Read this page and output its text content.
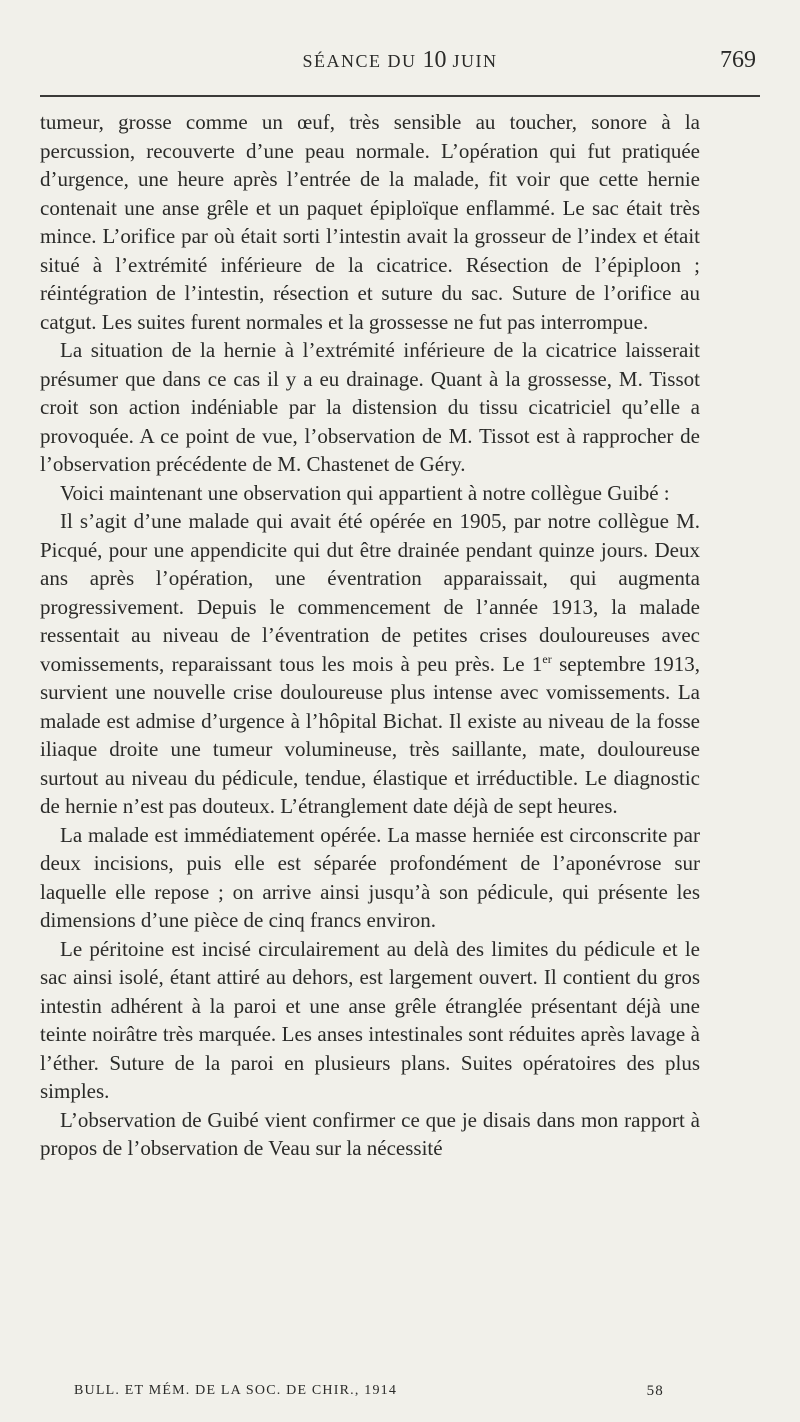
SÉANCE DU 10 JUIN	769

tumeur, grosse comme un œuf, très sensible au toucher, sonore à la percussion, recouverte d’une peau normale. L’opération qui fut pratiquée d’urgence, une heure après l’entrée de la malade, fit voir que cette hernie contenait une anse grêle et un paquet épiploïque enflammé. Le sac était très mince. L’orifice par où était sorti l’intestin avait la grosseur de l’index et était situé à l’extrémité inférieure de la cicatrice. Résection de l’épiploon ; réintégration de l’intestin, résection et suture du sac. Suture de l’orifice au catgut. Les suites furent normales et la grossesse ne fut pas interrompue.

La situation de la hernie à l’extrémité inférieure de la cicatrice laisserait présumer que dans ce cas il y a eu drainage. Quant à la grossesse, M. Tissot croit son action indéniable par la distension du tissu cicatriciel qu’elle a provoquée. A ce point de vue, l’observation de M. Tissot est à rapprocher de l’observation précédente de M. Chastenet de Géry.

Voici maintenant une observation qui appartient à notre collègue Guibé :

Il s’agit d’une malade qui avait été opérée en 1905, par notre collègue M. Picqué, pour une appendicite qui dut être drainée pendant quinze jours. Deux ans après l’opération, une éventration apparaissait, qui augmenta progressivement. Depuis le commencement de l’année 1913, la malade ressentait au niveau de l’éventration de petites crises douloureuses avec vomissements, reparaissant tous les mois à peu près. Le 1er septembre 1913, survient une nouvelle crise douloureuse plus intense avec vomissements. La malade est admise d’urgence à l’hôpital Bichat. Il existe au niveau de la fosse iliaque droite une tumeur volumineuse, très saillante, mate, douloureuse surtout au niveau du pédicule, tendue, élastique et irréductible. Le diagnostic de hernie n’est pas douteux. L’étranglement date déjà de sept heures.

La malade est immédiatement opérée. La masse herniée est circonscrite par deux incisions, puis elle est séparée profondément de l’aponévrose sur laquelle elle repose ; on arrive ainsi jusqu’à son pédicule, qui présente les dimensions d’une pièce de cinq francs environ.

Le péritoine est incisé circulairement au delà des limites du pédicule et le sac ainsi isolé, étant attiré au dehors, est largement ouvert. Il contient du gros intestin adhérent à la paroi et une anse grêle étranglée présentant déjà une teinte noirâtre très marquée. Les anses intestinales sont réduites après lavage à l’éther. Suture de la paroi en plusieurs plans. Suites opératoires des plus simples.

L’observation de Guibé vient confirmer ce que je disais dans mon rapport à propos de l’observation de Veau sur la nécessité

BULL. ET MÉM. DE LA SOC. DE CHIR., 1914	58
